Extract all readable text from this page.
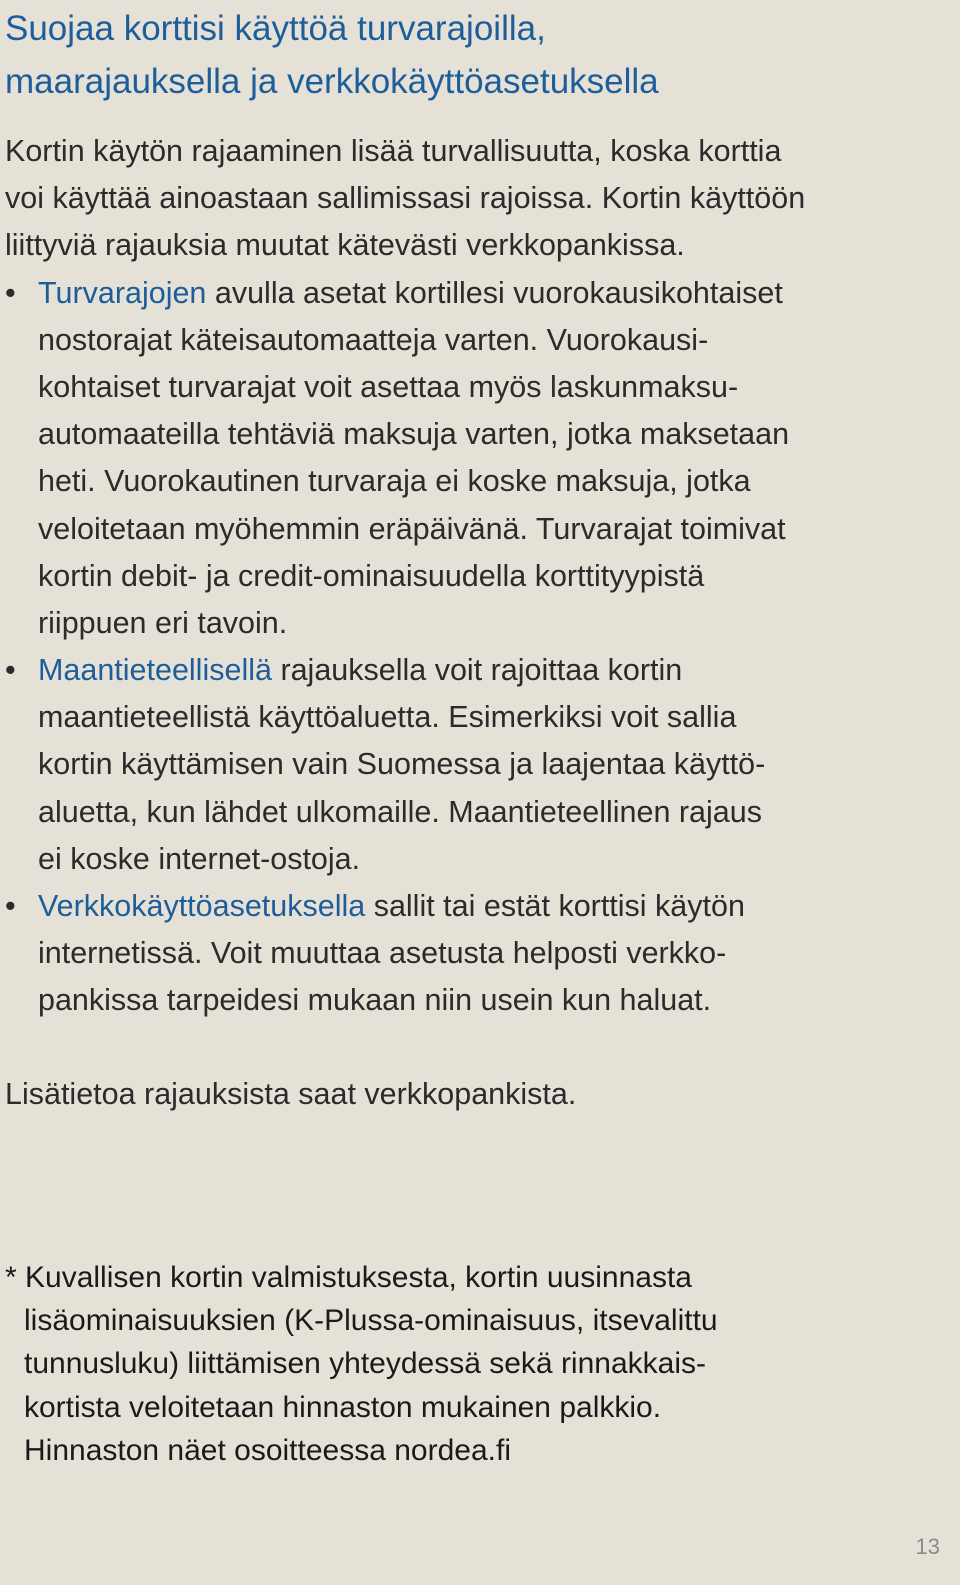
Suojaa korttisi käyttöä turvarajoilla,
maarajauksella ja verkkokäyttöasetuksella
Kortin käytön rajaaminen lisää turvallisuutta, koska korttia
voi käyttää ainoastaan sallimissasi rajoissa. Kortin käyttöön
liittyviä rajauksia muutat kätevästi verkkopankissa.
• Turvarajojen avulla asetat kortillesi vuorokausikohtaiset
nostorajat käteisautomaatteja varten. Vuorokausi-
kohtaiset turvarajat voit asettaa myös laskunmaksu-
automaateilla tehtäviä maksuja varten, jotka maksetaan
heti. Vuorokautinen turvaraja ei koske maksuja, jotka
veloitetaan myöhemmin eräpäivänä. Turvarajat toimivat
kortin debit- ja credit-ominaisuudella korttityypistä
riippuen eri tavoin.
• Maantieteellisellä rajauksella voit rajoittaa kortin
maantieteellistä käyttöaluetta. Esimerkiksi voit sallia
kortin käyttämisen vain Suomessa ja laajentaa käyttö-
aluetta, kun lähdet ulkomaille. Maantieteellinen rajaus
ei koske internet-ostoja.
• Verkkokäyttöasetuksella sallit tai estät korttisi käytön
internetissä. Voit muuttaa asetusta helposti verkko-
pankissa tarpeidesi mukaan niin usein kun haluat.
Lisätietoa rajauksista saat verkkopankista.
* Kuvallisen kortin valmistuksesta, kortin uusinnasta
lisäominaisuuksien (K-Plussa-ominaisuus, itsevalittu
tunnusluku) liittämisen yhteydessä sekä rinnakkais-
kortista veloitetaan hinnaston mukainen palkkio.
Hinnaston näet osoitteessa nordea.fi
13
